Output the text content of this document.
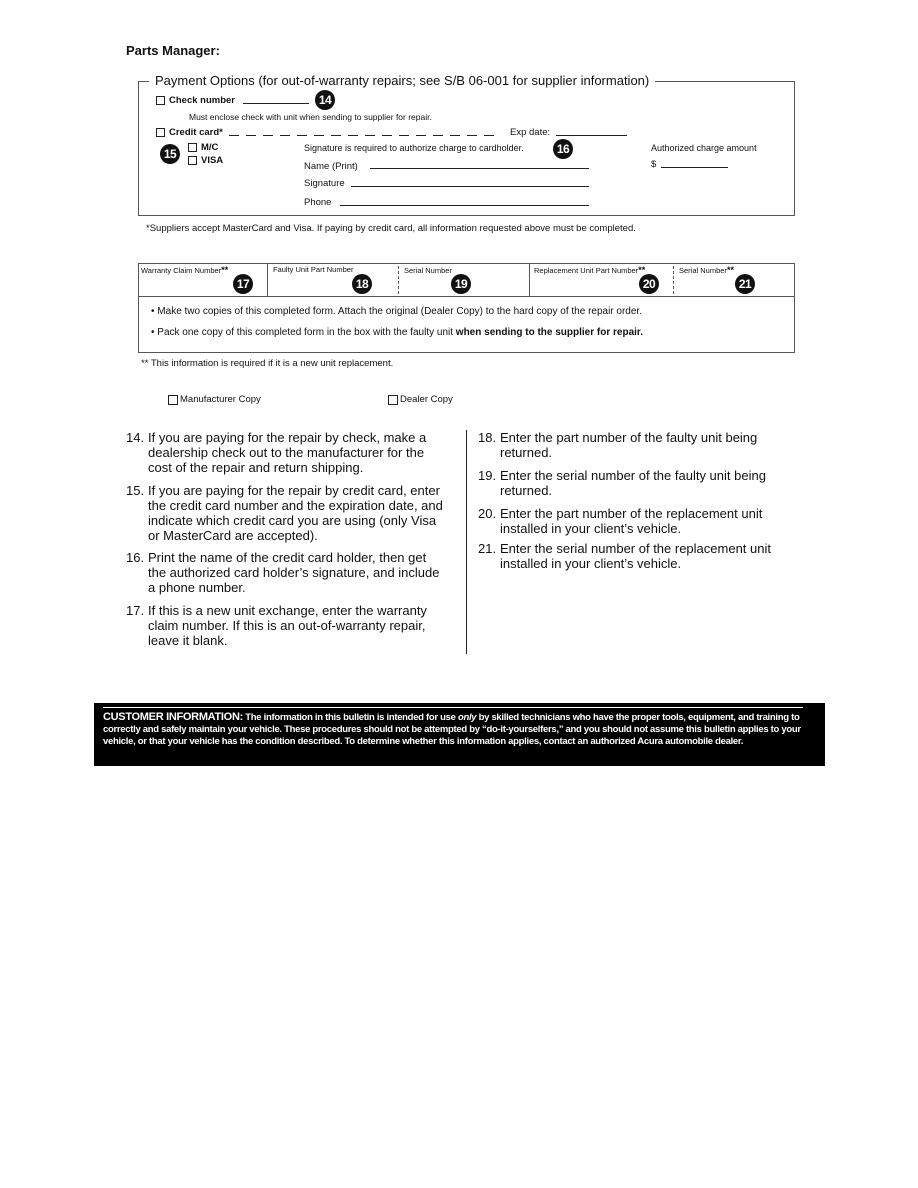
Parts Manager:
Payment Options (for out-of-warranty repairs; see S/B 06-001 for supplier information)
Check number	14
Must enclose check with unit when sending to supplier for repair.
Credit card*	Exp date:
15	M/C
VISA
Signature is required to authorize charge to cardholder.	16
Name (Print)
Signature
Phone
Authorized charge amount
$
*Suppliers accept MasterCard and Visa. If paying by credit card, all information requested above must be completed.
Warranty Claim Number**	Faulty Unit Part Number	Serial Number	Replacement Unit Part Number**	Serial Number**
17	18	19	20	21
• Make two copies of this completed form. Attach the original (Dealer Copy) to the hard copy of the repair order.
• Pack one copy of this completed form in the box with the faulty unit when sending to the supplier for repair.
** This information is required if it is a new unit replacement.
Manufacturer Copy	Dealer Copy
14. If you are paying for the repair by check, make a
dealership check out to the manufacturer for the
cost of the repair and return shipping.
15. If you are paying for the repair by credit card, enter
the credit card number and the expiration date, and
indicate which credit card you are using (only Visa
or MasterCard are accepted).
16. Print the name of the credit card holder, then get
the authorized card holder’s signature, and include
a phone number.
17. If this is a new unit exchange, enter the warranty
claim number. If this is an out-of-warranty repair,
leave it blank.
18. Enter the part number of the faulty unit being
returned.
19. Enter the serial number of the faulty unit being
returned.
20. Enter the part number of the replacement unit
installed in your client’s vehicle.
21. Enter the serial number of the replacement unit
installed in your client’s vehicle.
CUSTOMER INFORMATION: The information in this bulletin is intended for use only by skilled technicians who have the proper tools, equipment, and training to correctly and safely maintain your vehicle. These procedures should not be attempted by “do-it-yourselfers,” and you should not assume this bulletin applies to your vehicle, or that your vehicle has the condition described. To determine whether this information applies, contact an authorized Acura automobile dealer.
